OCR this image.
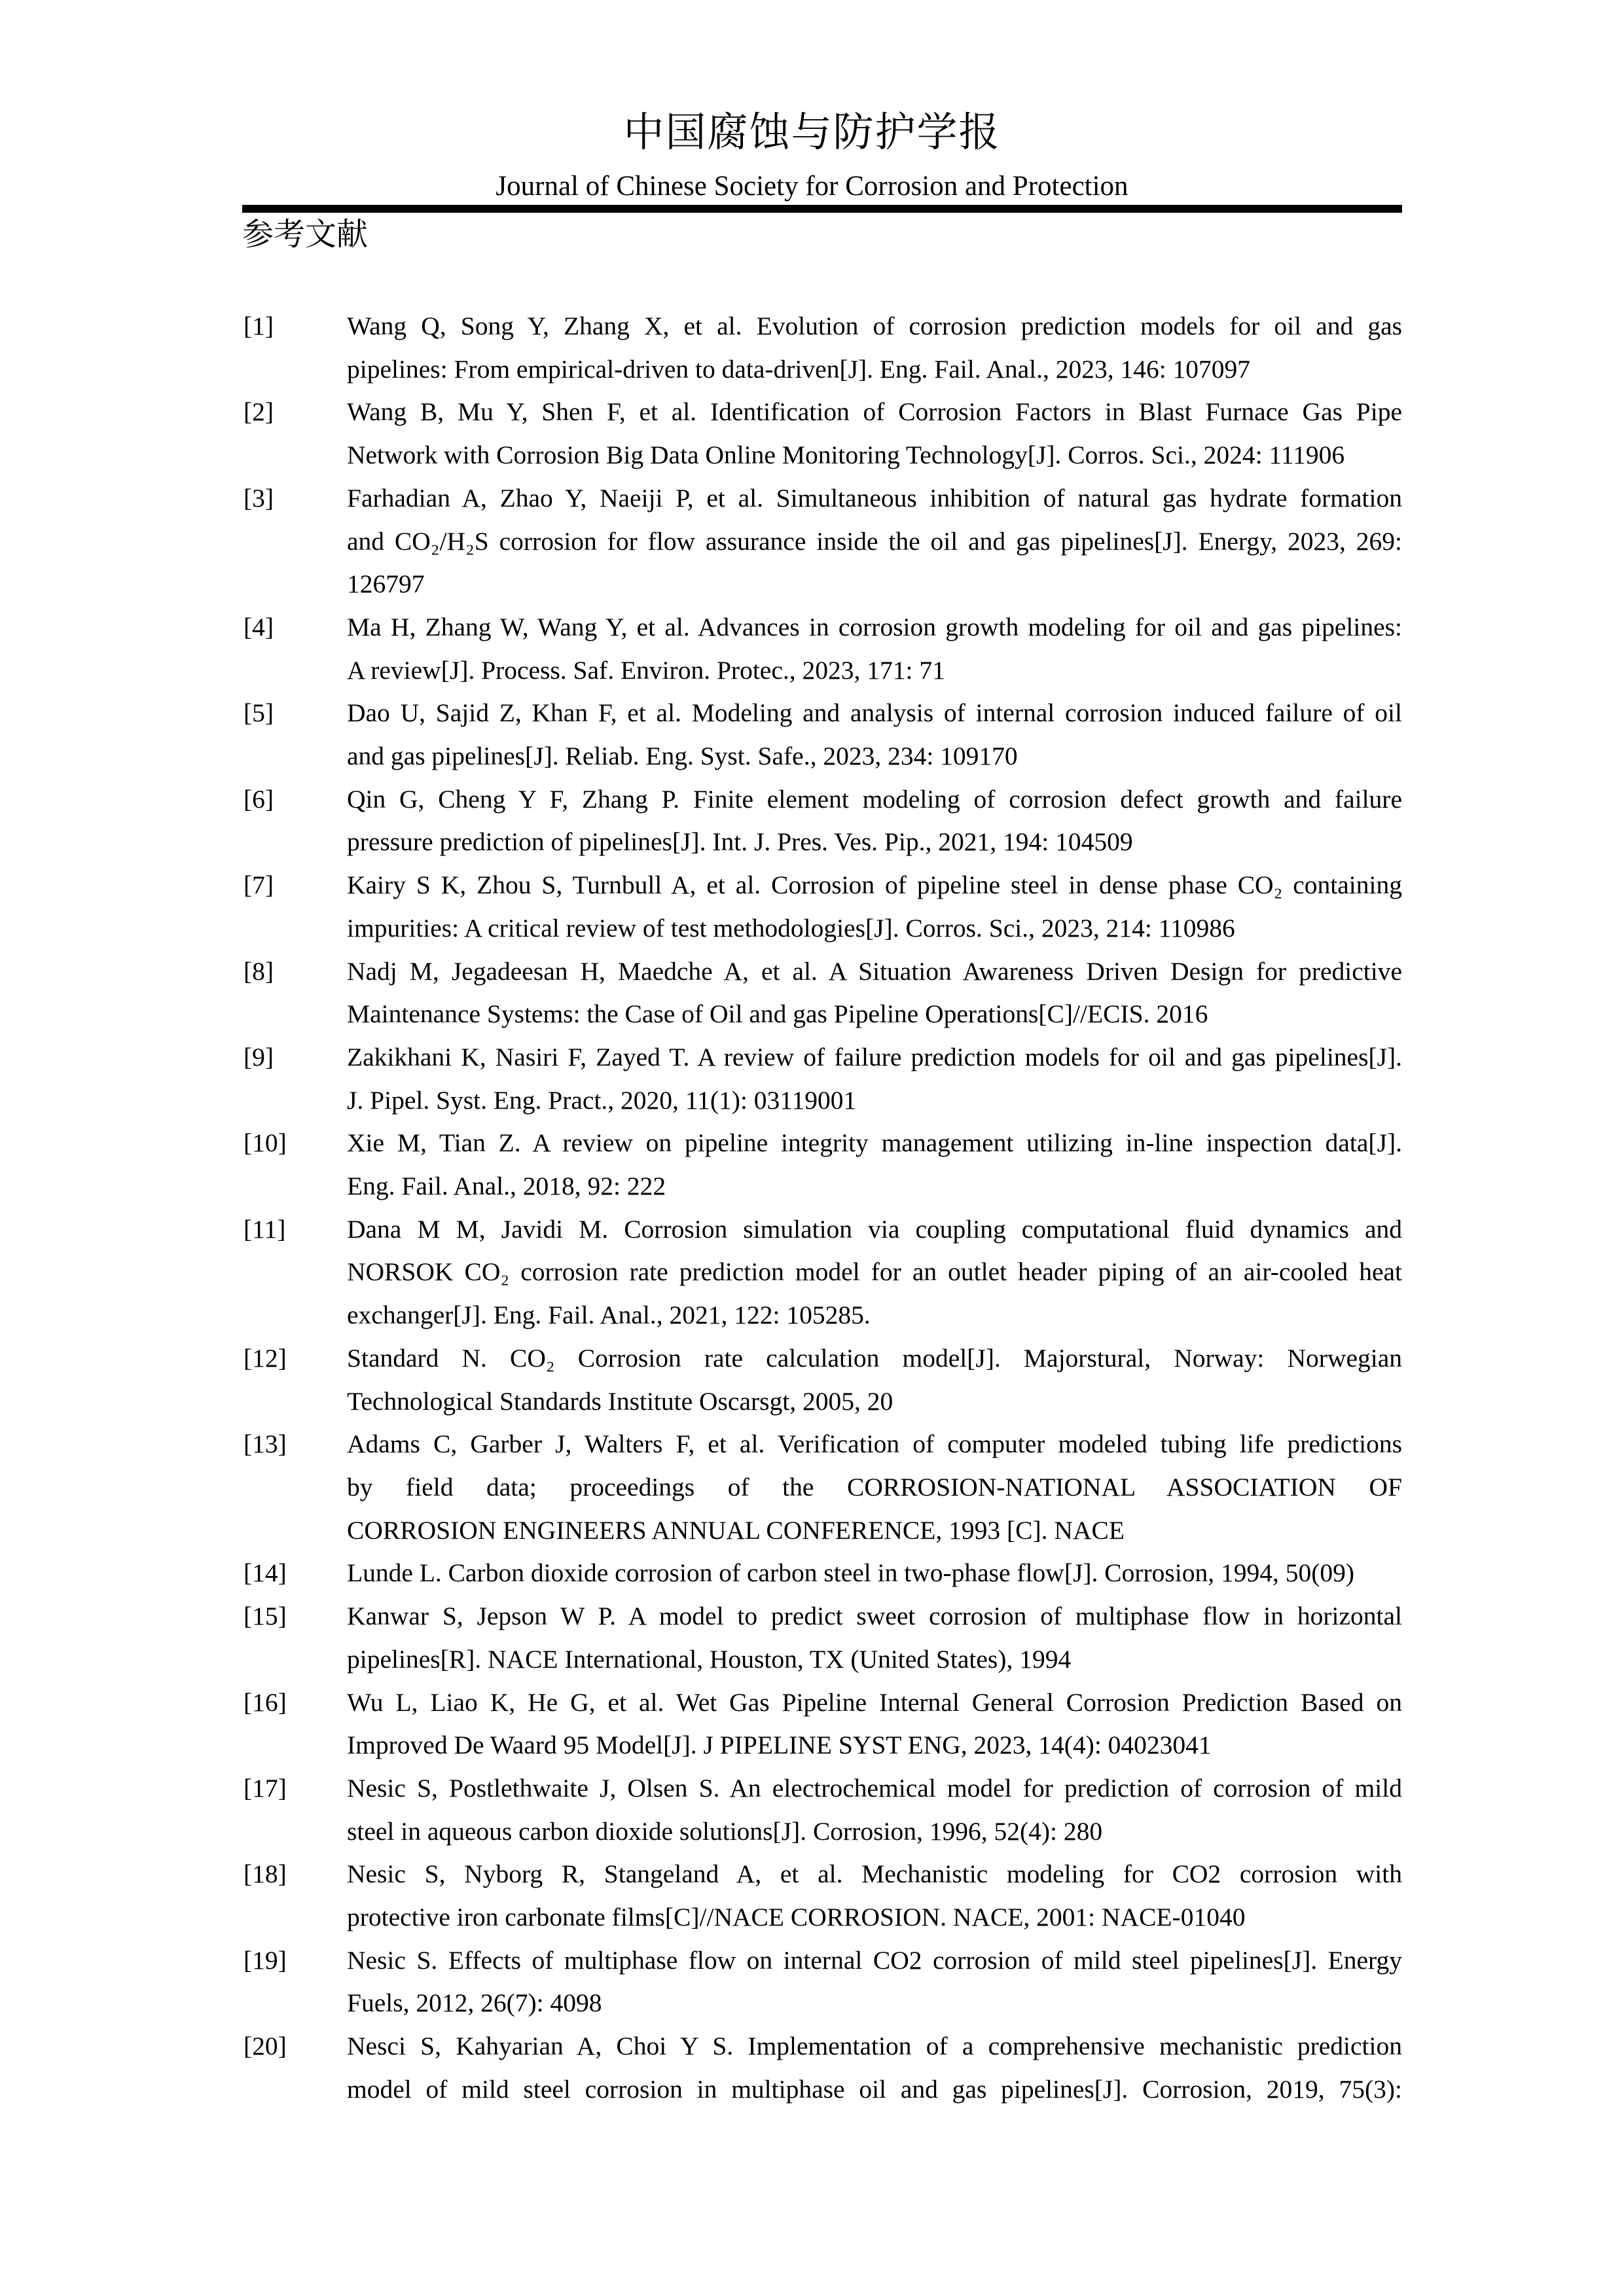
中国腐蚀与防护学报
Journal of Chinese Society for Corrosion and Protection
参考文献
[1]	Wang Q, Song Y, Zhang X, et al. Evolution of corrosion prediction models for oil and gas
pipelines: From empirical-driven to data-driven[J]. Eng. Fail. Anal., 2023, 146: 107097
[2]	Wang B, Mu Y, Shen F, et al. Identification of Corrosion Factors in Blast Furnace Gas Pipe
Network with Corrosion Big Data Online Monitoring Technology[J]. Corros. Sci., 2024: 111906
[3]	Farhadian A, Zhao Y, Naeiji P, et al. Simultaneous inhibition of natural gas hydrate formation
and CO₂/H₂S corrosion for flow assurance inside the oil and gas pipelines[J]. Energy, 2023, 269:
126797
[4]	Ma H, Zhang W, Wang Y, et al. Advances in corrosion growth modeling for oil and gas pipelines:
A review[J]. Process. Saf. Environ. Protec., 2023, 171: 71
[5]	Dao U, Sajid Z, Khan F, et al. Modeling and analysis of internal corrosion induced failure of oil
and gas pipelines[J]. Reliab. Eng. Syst. Safe., 2023, 234: 109170
[6]	Qin G, Cheng Y F, Zhang P. Finite element modeling of corrosion defect growth and failure
pressure prediction of pipelines[J]. Int. J. Pres. Ves. Pip., 2021, 194: 104509
[7]	Kairy S K, Zhou S, Turnbull A, et al. Corrosion of pipeline steel in dense phase CO₂ containing
impurities: A critical review of test methodologies[J]. Corros. Sci., 2023, 214: 110986
[8]	Nadj M, Jegadeesan H, Maedche A, et al. A Situation Awareness Driven Design for predictive
Maintenance Systems: the Case of Oil and gas Pipeline Operations[C]//ECIS. 2016
[9]	Zakikhani K, Nasiri F, Zayed T. A review of failure prediction models for oil and gas pipelines[J].
J. Pipel. Syst. Eng. Pract., 2020, 11(1): 03119001
[10] Xie M, Tian Z. A review on pipeline integrity management utilizing in-line inspection data[J].
Eng. Fail. Anal., 2018, 92: 222
[11] Dana M M, Javidi M. Corrosion simulation via coupling computational fluid dynamics and
NORSOK CO₂ corrosion rate prediction model for an outlet header piping of an air-cooled heat
exchanger[J]. Eng. Fail. Anal., 2021, 122: 105285.
[12] Standard N. CO₂ Corrosion rate calculation model[J]. Majorstural, Norway: Norwegian
Technological Standards Institute Oscarsgt, 2005, 20
[13] Adams C, Garber J, Walters F, et al. Verification of computer modeled tubing life predictions
by field data; proceedings of the CORROSION-NATIONAL ASSOCIATION OF
CORROSION ENGINEERS ANNUAL CONFERENCE, 1993 [C]. NACE
[14] Lunde L. Carbon dioxide corrosion of carbon steel in two-phase flow[J]. Corrosion, 1994, 50(09)
[15] Kanwar S, Jepson W P. A model to predict sweet corrosion of multiphase flow in horizontal
pipelines[R]. NACE International, Houston, TX (United States), 1994
[16] Wu L, Liao K, He G, et al. Wet Gas Pipeline Internal General Corrosion Prediction Based on
Improved De Waard 95 Model[J]. J PIPELINE SYST ENG, 2023, 14(4): 04023041
[17] Nesic S, Postlethwaite J, Olsen S. An electrochemical model for prediction of corrosion of mild
steel in aqueous carbon dioxide solutions[J]. Corrosion, 1996, 52(4): 280
[18] Nesic S, Nyborg R, Stangeland A, et al. Mechanistic modeling for CO2 corrosion with
protective iron carbonate films[C]//NACE CORROSION. NACE, 2001: NACE-01040
[19] Nesic S. Effects of multiphase flow on internal CO2 corrosion of mild steel pipelines[J]. Energy
Fuels, 2012, 26(7): 4098
[20] Nesci S, Kahyarian A, Choi Y S. Implementation of a comprehensive mechanistic prediction
model of mild steel corrosion in multiphase oil and gas pipelines[J]. Corrosion, 2019, 75(3):
